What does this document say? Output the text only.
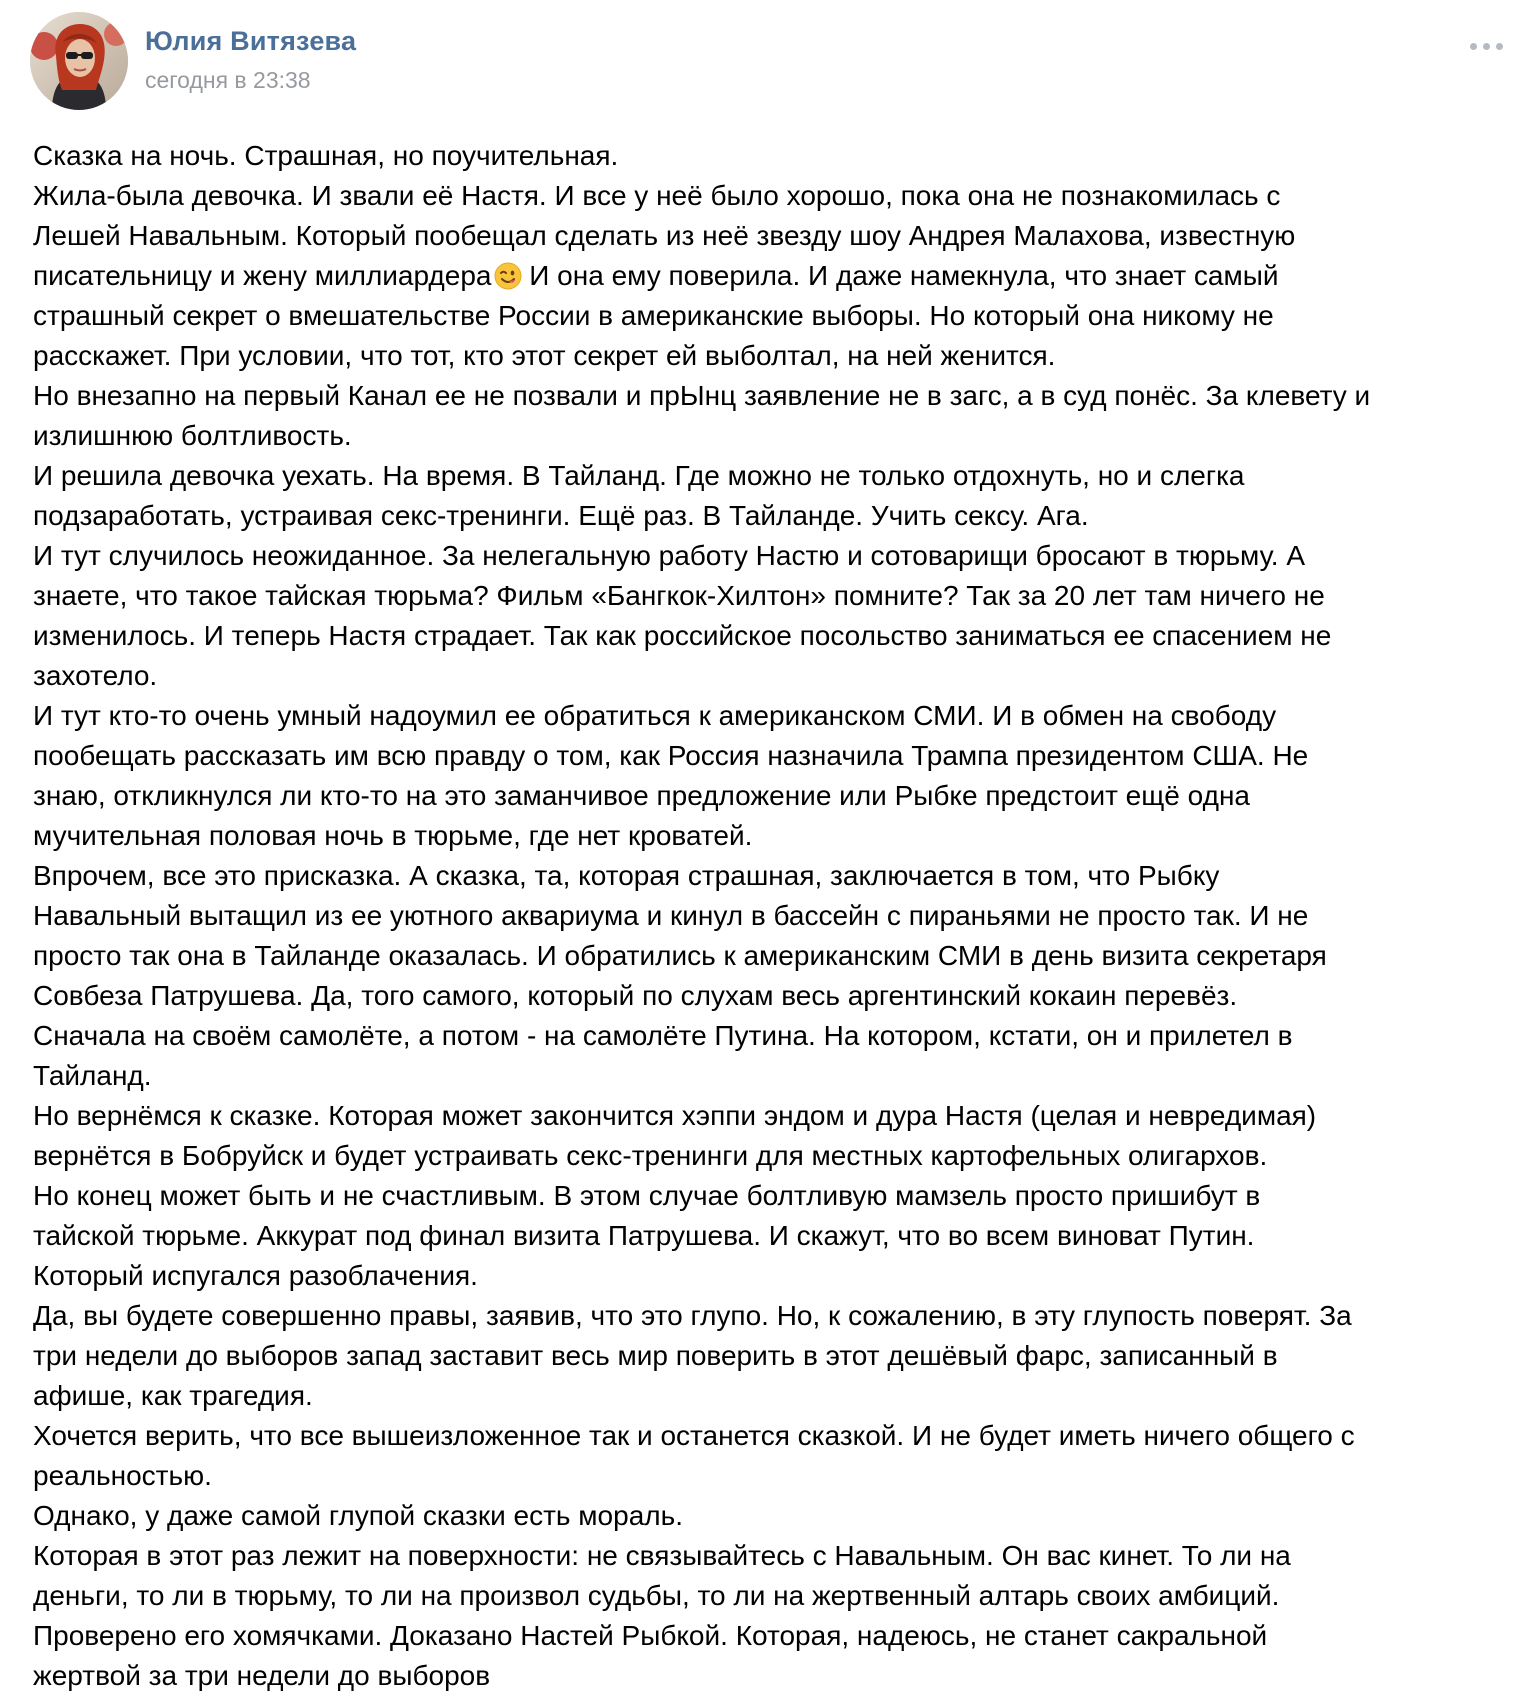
Юлия Витязева
сегодня в 23:38
Сказка на ночь. Страшная, но поучительная.
Жила-была девочка. И звали её Настя. И все у неё было хорошо, пока она не познакомилась с
Лешей Навальным. Который пообещал сделать из неё звезду шоу Андрея Малахова, известную
писательницу и жену миллиардера
И она ему поверила. И даже намекнула, что знает самый
страшный секрет о вмешательстве России в американские выборы. Но который она никому не
расскажет. При условии, что тот, кто этот секрет ей выболтал, на ней женится.
Но внезапно на первый Канал ее не позвали и прЫнц заявление не в загс, а в суд понёс. За клевету и
излишнюю болтливость.
И решила девочка уехать. На время. В Тайланд. Где можно не только отдохнуть, но и слегка
подзаработать, устраивая секс-тренинги. Ещё раз. В Тайланде. Учить сексу. Ага.
И тут случилось неожиданное. За нелегальную работу Настю и сотоварищи бросают в тюрьму. А
знаете, что такое тайская тюрьма? Фильм «Бангкок-Хилтон» помните? Так за 20 лет там ничего не
изменилось. И теперь Настя страдает. Так как российское посольство заниматься ее спасением не
захотело.
И тут кто-то очень умный надоумил ее обратиться к американском СМИ. И в обмен на свободу
пообещать рассказать им всю правду о том, как Россия назначила Трампа президентом США. Не
знаю, откликнулся ли кто-то на это заманчивое предложение или Рыбке предстоит ещё одна
мучительная половая ночь в тюрьме, где нет кроватей.
Впрочем, все это присказка. А сказка, та, которая страшная, заключается в том, что Рыбку
Навальный вытащил из ее уютного аквариума и кинул в бассейн с пираньями не просто так. И не
просто так она в Тайланде оказалась. И обратились к американским СМИ в день визита секретаря
Совбеза Патрушева. Да, того самого, который по слухам весь аргентинский кокаин перевёз.
Сначала на своём самолёте, а потом - на самолёте Путина. На котором, кстати, он и прилетел в
Тайланд.
Но вернёмся к сказке. Которая может закончится хэппи эндом и дура Настя (целая и невредимая)
вернётся в Бобруйск и будет устраивать секс-тренинги для местных картофельных олигархов.
Но конец может быть и не счастливым. В этом случае болтливую мамзель просто пришибут в
тайской тюрьме. Аккурат под финал визита Патрушева. И скажут, что во всем виноват Путин.
Который испугался разоблачения.
Да, вы будете совершенно правы, заявив, что это глупо. Но, к сожалению, в эту глупость поверят. За
три недели до выборов запад заставит весь мир поверить в этот дешёвый фарс, записанный в
афише, как трагедия.
Хочется верить, что все вышеизложенное так и останется сказкой. И не будет иметь ничего общего с
реальностью.
Однако, у даже самой глупой сказки есть мораль.
Которая в этот раз лежит на поверхности: не связывайтесь с Навальным. Он вас кинет. То ли на
деньги, то ли в тюрьму, то ли на произвол судьбы, то ли на жертвенный алтарь своих амбиций.
Проверено его хомячками. Доказано Настей Рыбкой. Которая, надеюсь, не станет сакральной
жертвой за три недели до выборов
